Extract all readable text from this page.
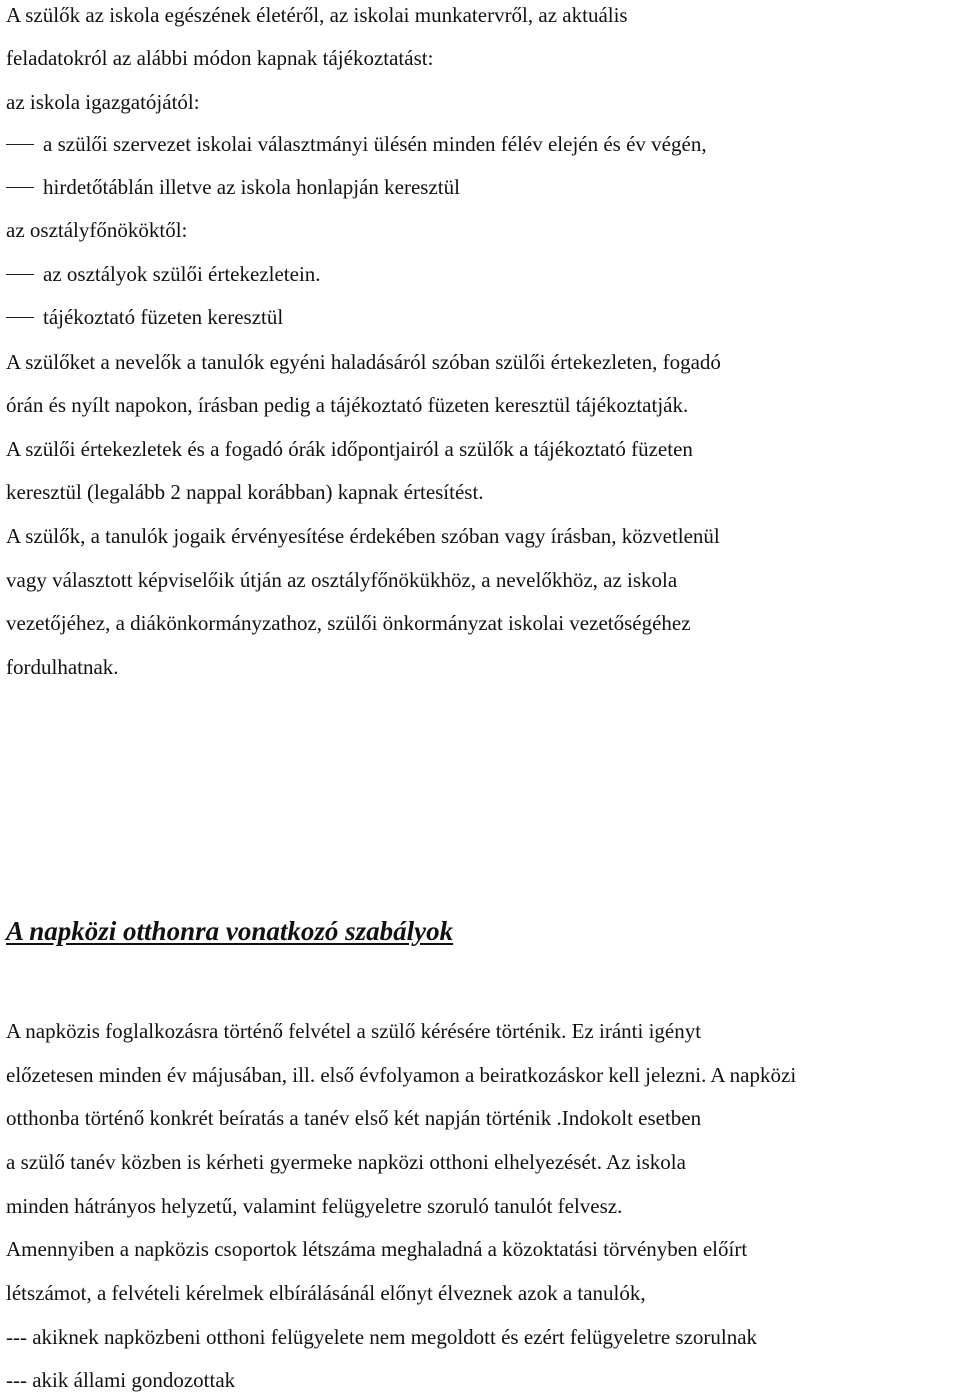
A szülők az iskola egészének életéről, az iskolai munkatervről, az aktuális
feladatokról az alábbi módon kapnak tájékoztatást:
az iskola igazgatójától:
a szülői szervezet iskolai választmányi ülésén minden félév elején és év végén,
hirdetőtáblán illetve az iskola honlapján keresztül
az osztályfőnököktől:
az osztályok szülői értekezletein.
tájékoztató füzeten keresztül
A szülőket a nevelők a tanulók egyéni haladásáról szóban szülői értekezleten, fogadó
órán és nyílt napokon, írásban pedig a tájékoztató füzeten keresztül tájékoztatják.
A szülői értekezletek és a fogadó órák időpontjairól a szülők a tájékoztató füzeten
keresztül (legalább 2 nappal korábban) kapnak értesítést.
A szülők, a tanulók jogaik érvényesítése érdekében szóban vagy írásban, közvetlenül
vagy választott képviselőik útján az osztályfőnökükhöz, a nevelőkhöz, az iskola
vezetőjéhez, a diákönkormányzathoz, szülői önkormányzat iskolai vezetőségéhez
fordulhatnak.
A napközi otthonra vonatkozó szabályok
A napközis foglalkozásra történő felvétel a szülő kérésére történik. Ez iránti igényt
előzetesen minden év májusában, ill. első évfolyamon a beiratkozáskor kell jelezni. A napközi
otthonba történő konkrét beíratás a tanév első két napján történik .Indokolt esetben
a szülő tanév közben is kérheti gyermeke napközi otthoni elhelyezését. Az iskola
minden hátrányos helyzetű, valamint felügyeletre szoruló tanulót felvesz.
Amennyiben a napközis csoportok létszáma meghaladná a közoktatási törvényben előírt
létszámot, a felvételi kérelmek elbírálásánál előnyt élveznek azok a tanulók,
--- akiknek napközbeni otthoni felügyelete nem megoldott és ezért felügyeletre szorulnak
--- akik állami gondozottak
